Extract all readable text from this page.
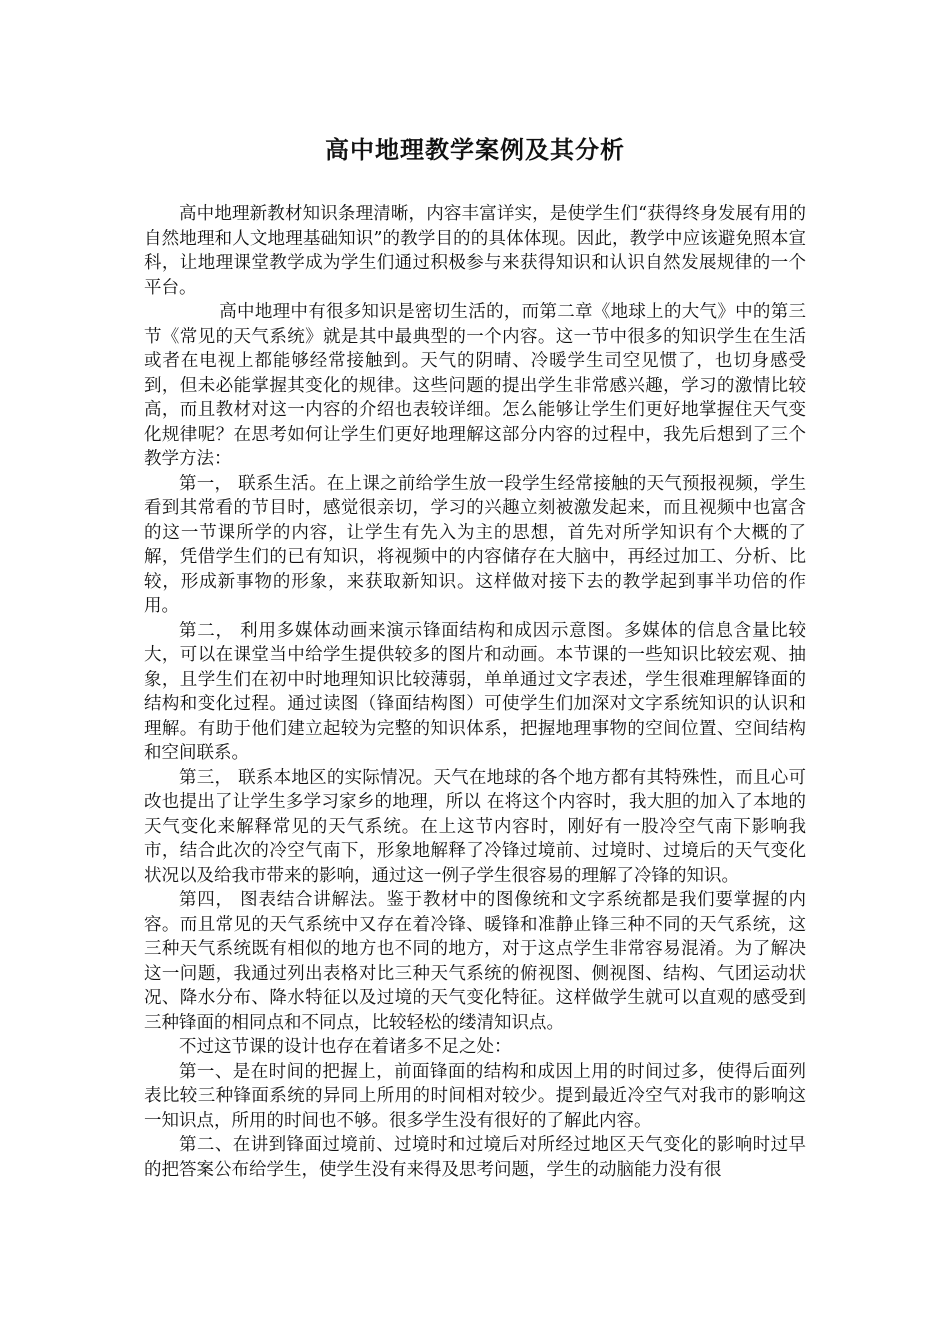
高中地理教学案例及其分析

高中地理新教材知识条理清晰，内容丰富详实，是使学生们“获得终身发展有用的自然地理和人文地理基础知识”的教学目的的具体体现。因此，教学中应该避免照本宣科，让地理课堂教学成为学生们通过积极参与来获得知识和认识自然发展规律的一个平台。

高中地理中有很多知识是密切生活的，而第二章《地球上的大气》中的第三节《常见的天气系统》就是其中最典型的一个内容。这一节中很多的知识学生在生活或者在电视上都能够经常接触到。天气的阴晴、冷暖学生司空见惯了，也切身感受到，但未必能掌握其变化的规律。这些问题的提出学生非常感兴趣，学习的激情比较高，而且教材对这一内容的介绍也表较详细。怎么能够让学生们更好地掌握住天气变化规律呢？在思考如何让学生们更好地理解这部分内容的过程中，我先后想到了三个教学方法：

第一， 联系生活。在上课之前给学生放一段学生经常接触的天气预报视频，学生看到其常看的节目时，感觉很亲切，学习的兴趣立刻被激发起来，而且视频中也富含的这一节课所学的内容，让学生有先入为主的思想，首先对所学知识有个大概的了解，凭借学生们的已有知识，将视频中的内容储存在大脑中，再经过加工、分析、比较，形成新事物的形象，来获取新知识。这样做对接下去的教学起到事半功倍的作用。

第二， 利用多媒体动画来演示锋面结构和成因示意图。多媒体的信息含量比较大，可以在课堂当中给学生提供较多的图片和动画。本节课的一些知识比较宏观、抽象，且学生们在初中时地理知识比较薄弱，单单通过文字表述，学生很难理解锋面的结构和变化过程。通过读图（锋面结构图）可使学生们加深对文字系统知识的认识和理解。有助于他们建立起较为完整的知识体系，把握地理事物的空间位置、空间结构和空间联系。

第三， 联系本地区的实际情况。天气在地球的各个地方都有其特殊性，而且心可改也提出了让学生多学习家乡的地理，所以 在将这个内容时，我大胆的加入了本地的天气变化来解释常见的天气系统。在上这节内容时，刚好有一股冷空气南下影响我市，结合此次的冷空气南下，形象地解释了冷锋过境前、过境时、过境后的天气变化状况以及给我市带来的影响，通过这一例子学生很容易的理解了冷锋的知识。

第四， 图表结合讲解法。鉴于教材中的图像统和文字系统都是我们要掌握的内容。而且常见的天气系统中又存在着冷锋、暖锋和准静止锋三种不同的天气系统，这三种天气系统既有相似的地方也不同的地方，对于这点学生非常容易混淆。为了解决这一问题，我通过列出表格对比三种天气系统的俯视图、侧视图、结构、气团运动状况、降水分布、降水特征以及过境的天气变化特征。这样做学生就可以直观的感受到三种锋面的相同点和不同点，比较轻松的缕清知识点。

不过这节课的设计也存在着诸多不足之处：

第一、是在时间的把握上，前面锋面的结构和成因上用的时间过多，使得后面列表比较三种锋面系统的异同上所用的时间相对较少。提到最近冷空气对我市的影响这一知识点，所用的时间也不够。很多学生没有很好的了解此内容。

第二、在讲到锋面过境前、过境时和过境后对所经过地区天气变化的影响时过早的把答案公布给学生，使学生没有来得及思考问题，学生的动脑能力没有很
